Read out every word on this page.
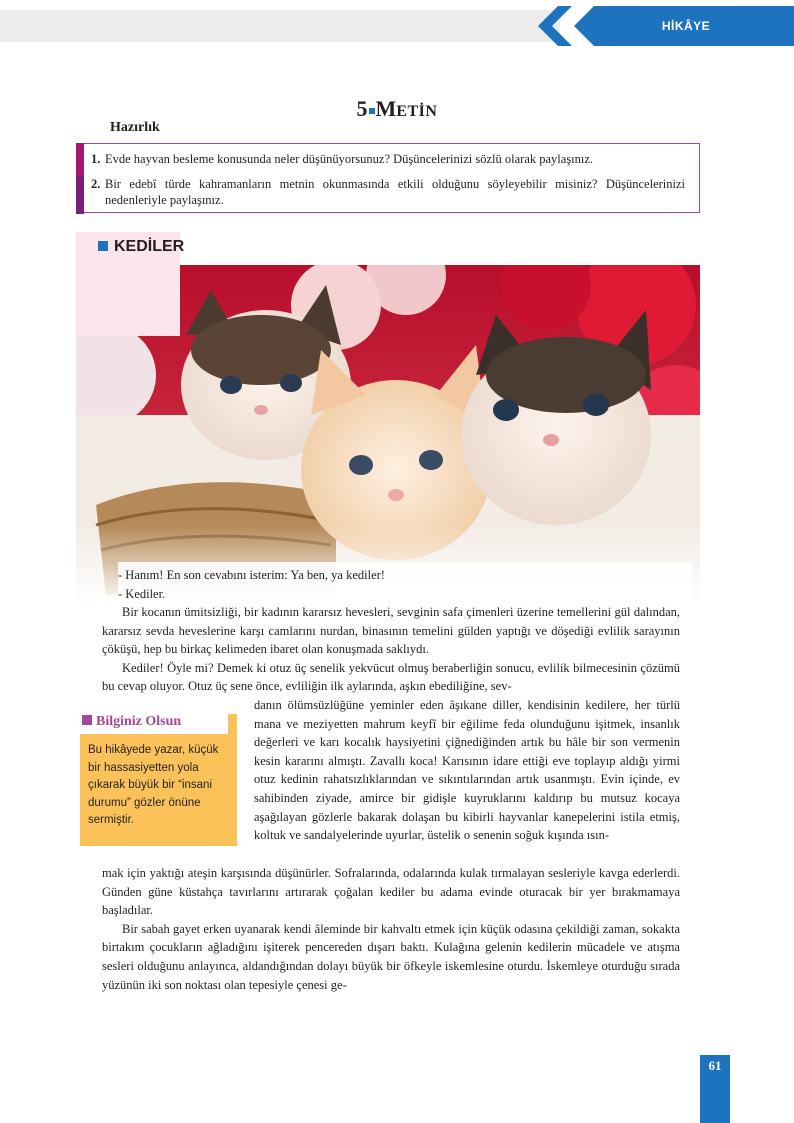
HİKÂYE
5 METİN
Hazırlık
1. Evde hayvan besleme konusunda neler düşünüyorsunuz? Düşüncelerinizi sözlü olarak paylaşınız.
2. Bir edebî türde kahramanların metnin okunmasında etkili olduğunu söyleyebilir misiniz? Düşüncelerinizi nedenleriyle paylaşınız.
KEDİLER

- Hanım! En son cevabını isterim: Ya ben, ya kediler!

- Kediler.

Bir kocanın ümitsizliği, bir kadının kararsız hevesleri, sevginin safa çimenleri üzerine temellerini gül dalından, kararsız sevda heveslerine karşı camlarını nurdan, binasının temelini gülden yaptığı ve döşediği evlilik sarayının çöküşü, hep bu birkaç kelimeden ibaret olan konuşmada saklıydı.

Kediler! Öyle mi? Demek ki otuz üç senelik yekvücut olmuş beraberliğin sonucu, evlilik bilmecesinin çözümü bu cevap oluyor. Otuz üç sene önce, evliliğin ilk aylarında, aşkın ebediliğine, sev-

danın ölümsüzlüğüne yeminler eden âşıkane diller, kendisinin kedilere, her türlü mana ve meziyetten mahrum keyfî bir eğilime feda olunduğunu işitmek, insanlık değerleri ve karı kocalık haysiyetini çiğnediğinden artık bu hâle bir son vermenin kesin kararını almıştı. Zavallı koca! Karısının idare ettiği eve toplayıp aldığı yirmi otuz kedinin rahatsızlıklarından ve sıkıntılarından artık usanmıştı. Evin içinde, ev sahibinden ziyade, amirce bir gidişle kuyruklarını kaldırıp bu mutsuz kocaya aşağılayan gözlerle bakarak dolaşan bu kibirli hayvanlar kanepelerini istila etmiş, koltuk ve sandalyelerinde uyurlar, üstelik o senenin soğuk kışında ısın-

mak için yaktığı ateşin karşısında düşünürler. Sofralarında, odalarında kulak tırmalayan sesleriyle kavga ederlerdi. Günden güne küstahça tavırlarını artırarak çoğalan kediler bu adama evinde oturacak bir yer bırakmamaya başladılar.

Bir sabah gayet erken uyanarak kendi âleminde bir kahvaltı etmek için küçük odasına çekildiği zaman, sokakta birtakım çocukların ağladığını işiterek pencereden dışarı baktı. Kulağına gelenin kedilerin mücadele ve atışma sesleri olduğunu anlayınca, aldandığından dolayı büyük bir öfkeyle iskemlesine oturdu. İskemleye oturduğu sırada yüzünün iki son noktası olan tepesiyle çenesi ge-

Bilginiz Olsun
Bu hikâyede yazar, küçük bir hassasiyetten yola çıkarak büyük bir “insani durumu” gözler önüne sermiştir.
61
